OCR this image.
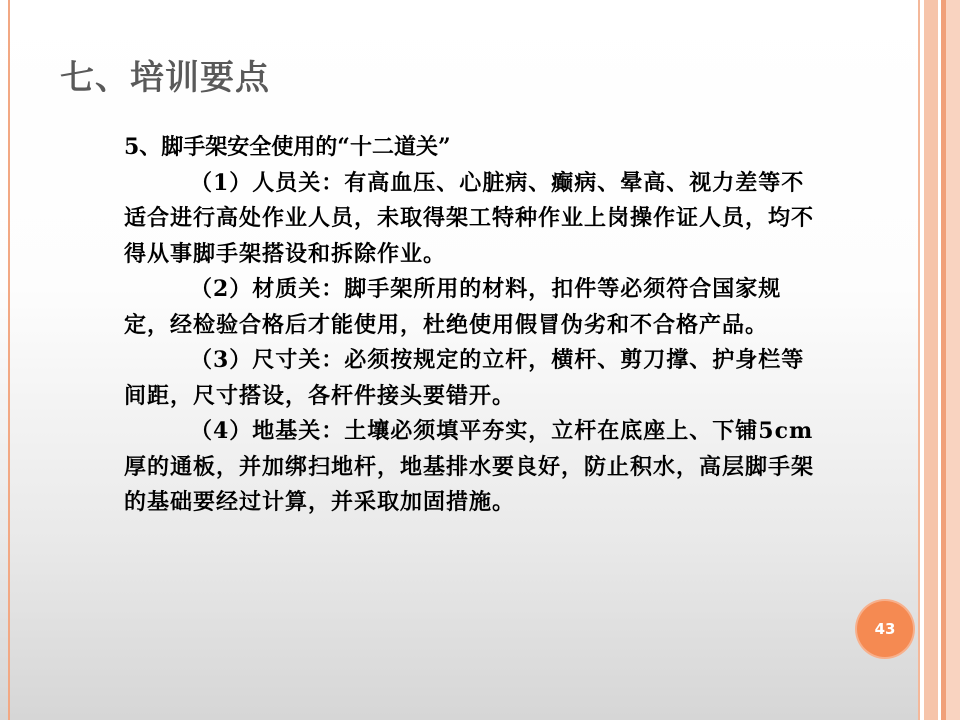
七、培训要点

5、脚手架安全使用的“十二道关”

（1）人员关：有高血压、心脏病、癫病、晕高、视力差等不适合进行高处作业人员，未取得架工特种作业上岗操作证人员，均不得从事脚手架搭设和拆除作业。

（2）材质关：脚手架所用的材料，扣件等必须符合国家规定，经检验合格后才能使用，杜绝使用假冒伪劣和不合格产品。

（3）尺寸关：必须按规定的立杆，横杆、剪刀撑、护身栏等间距，尺寸搭设，各杆件接头要错开。

（4）地基关：土壤必须填平夯实，立杆在底座上、下铺5cm厚的通板，并加绑扫地杆，地基排水要良好，防止积水，高层脚手架的基础要经过计算，并采取加固措施。

43
